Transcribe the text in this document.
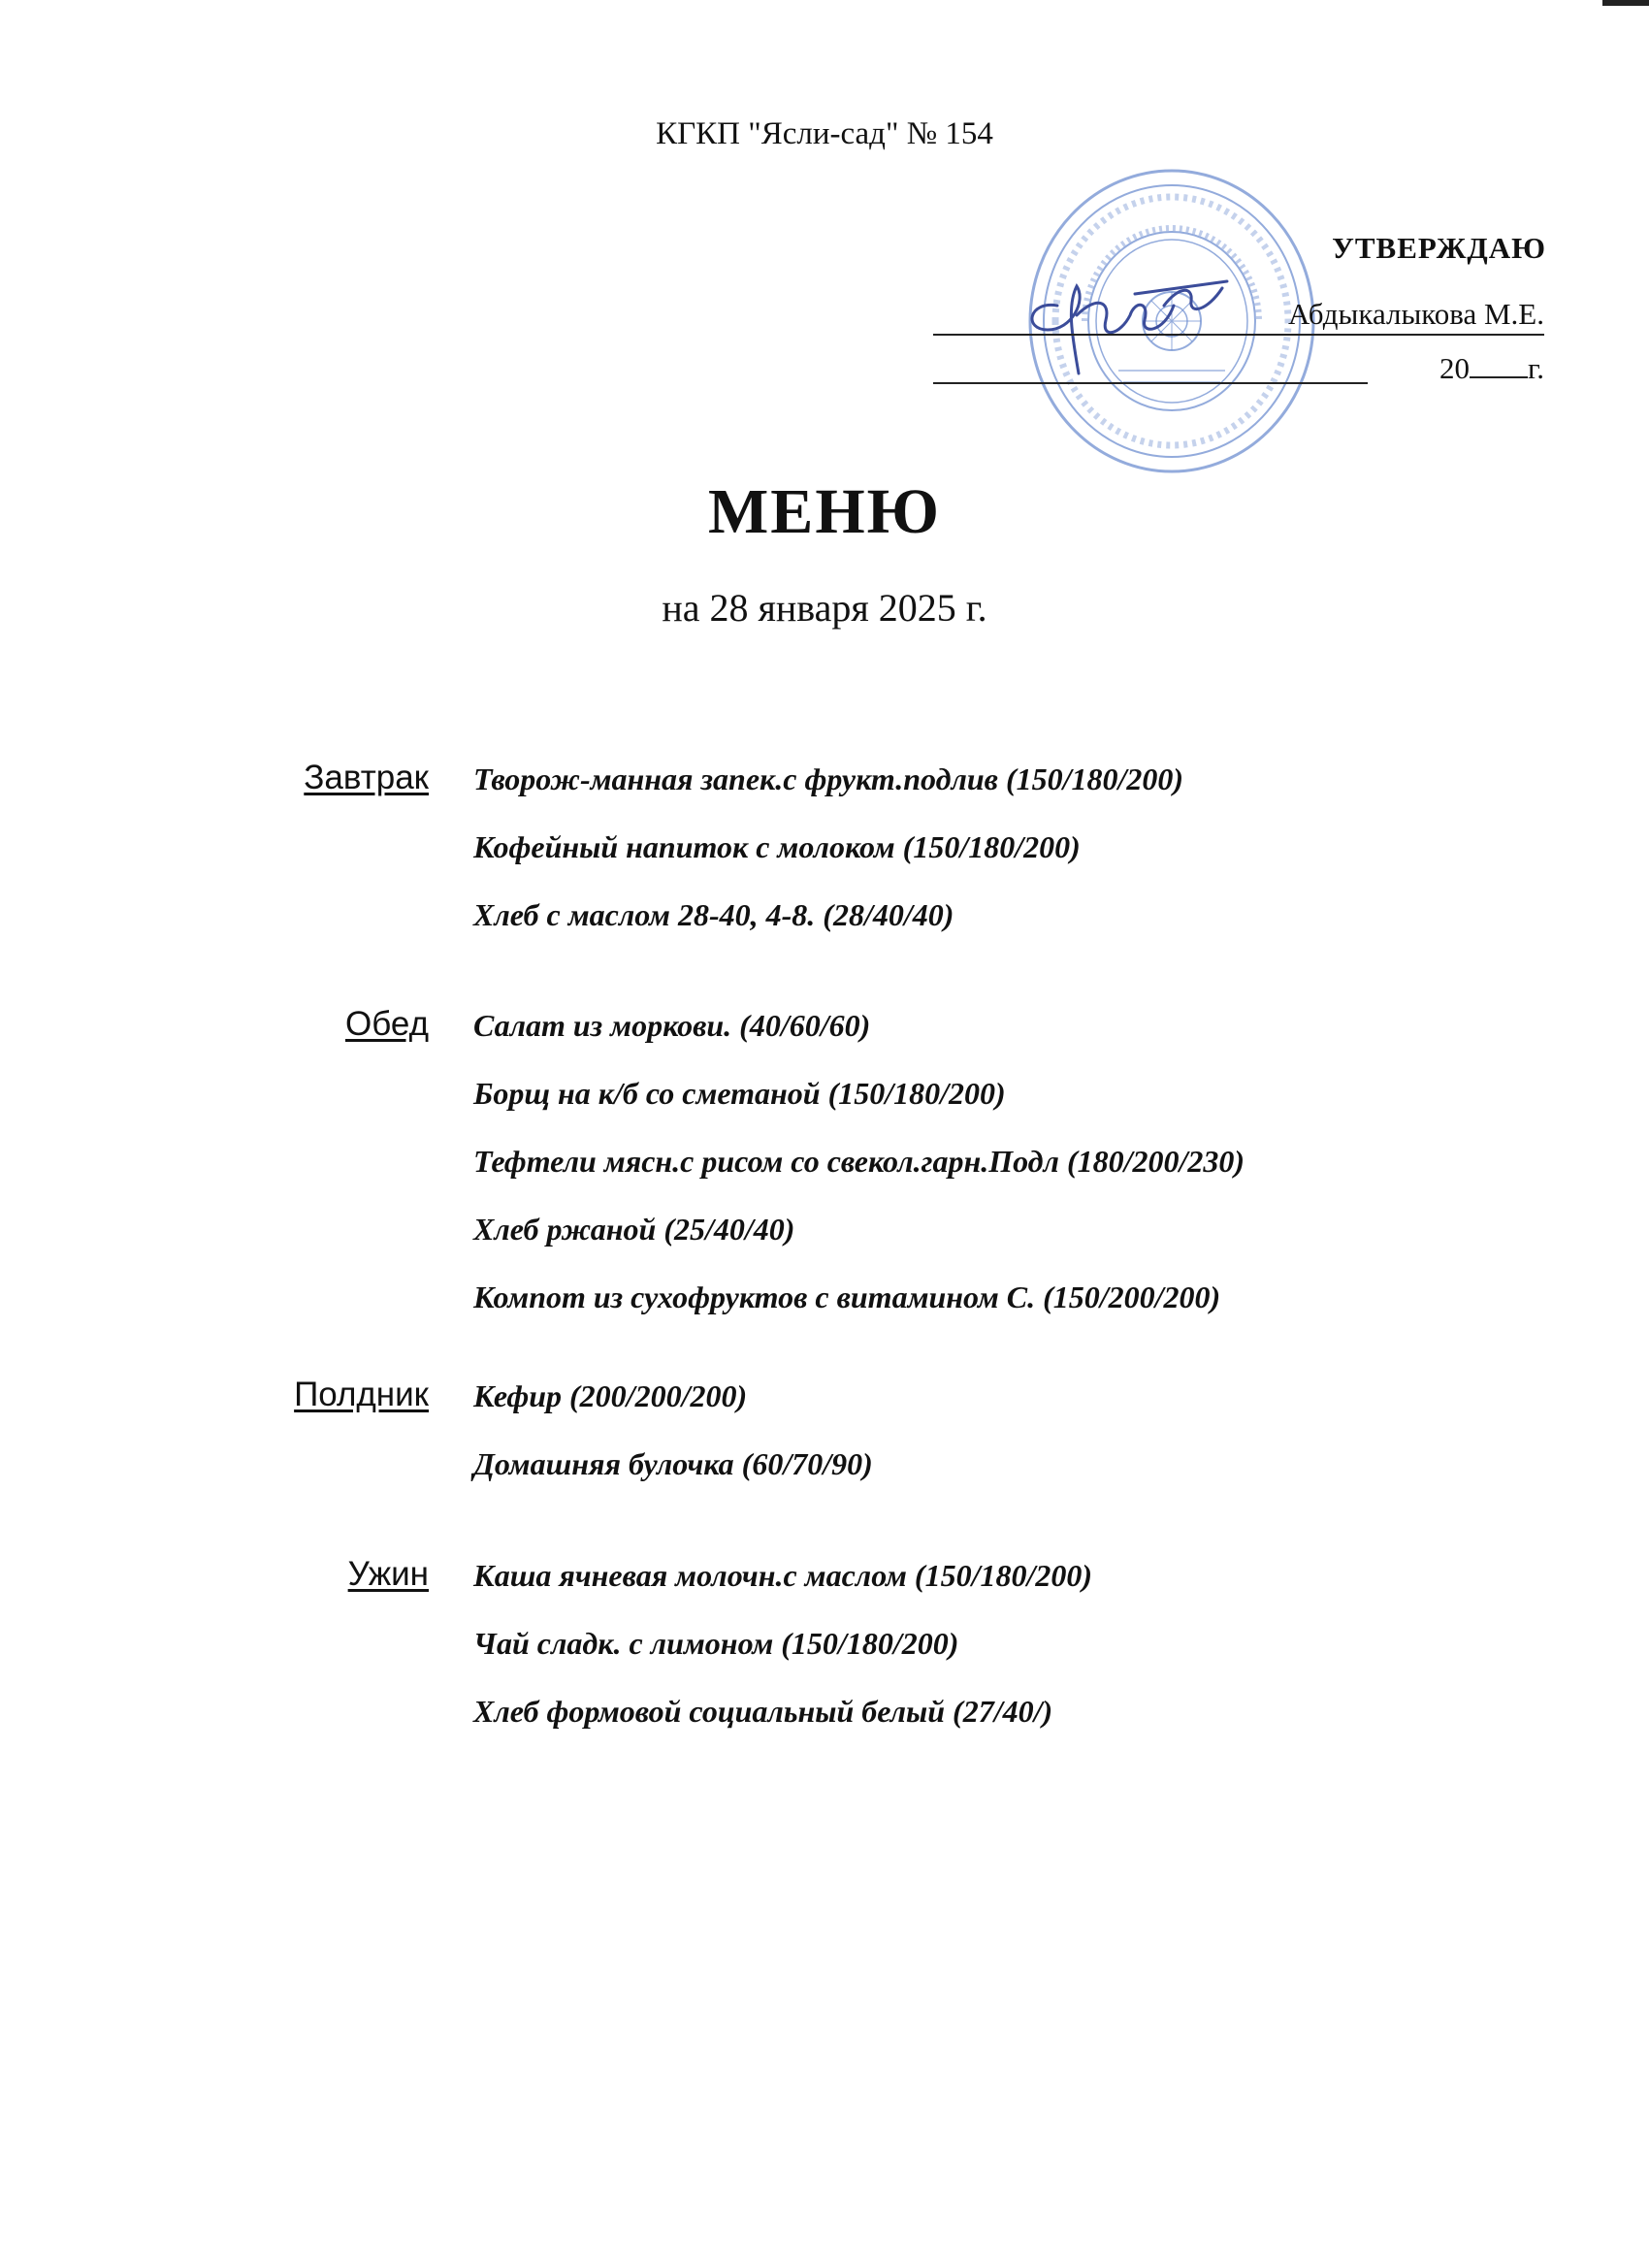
КГКП "Ясли-сад" № 154
УТВЕРЖДАЮ
Абдыкалыкова М.Е.
20 г.
МЕНЮ
на 28 января 2025 г.
Завтрак Творож-манная запек.с фрукт.подлив (150/180/200)
Кофейный напиток с молоком (150/180/200)
Хлеб с маслом 28-40, 4-8. (28/40/40)
Обед Салат из моркови. (40/60/60)
Борщ на к/б со сметаной (150/180/200)
Тефтели мясн.с рисом со свекол.гарн.Подл (180/200/230)
Хлеб ржаной (25/40/40)
Компот из сухофруктов с витамином С. (150/200/200)
Полдник Кефир (200/200/200)
Домашняя булочка (60/70/90)
Ужин Каша ячневая молочн.с маслом (150/180/200)
Чай сладк. с лимоном (150/180/200)
Хлеб формовой социальный белый (27/40/)
